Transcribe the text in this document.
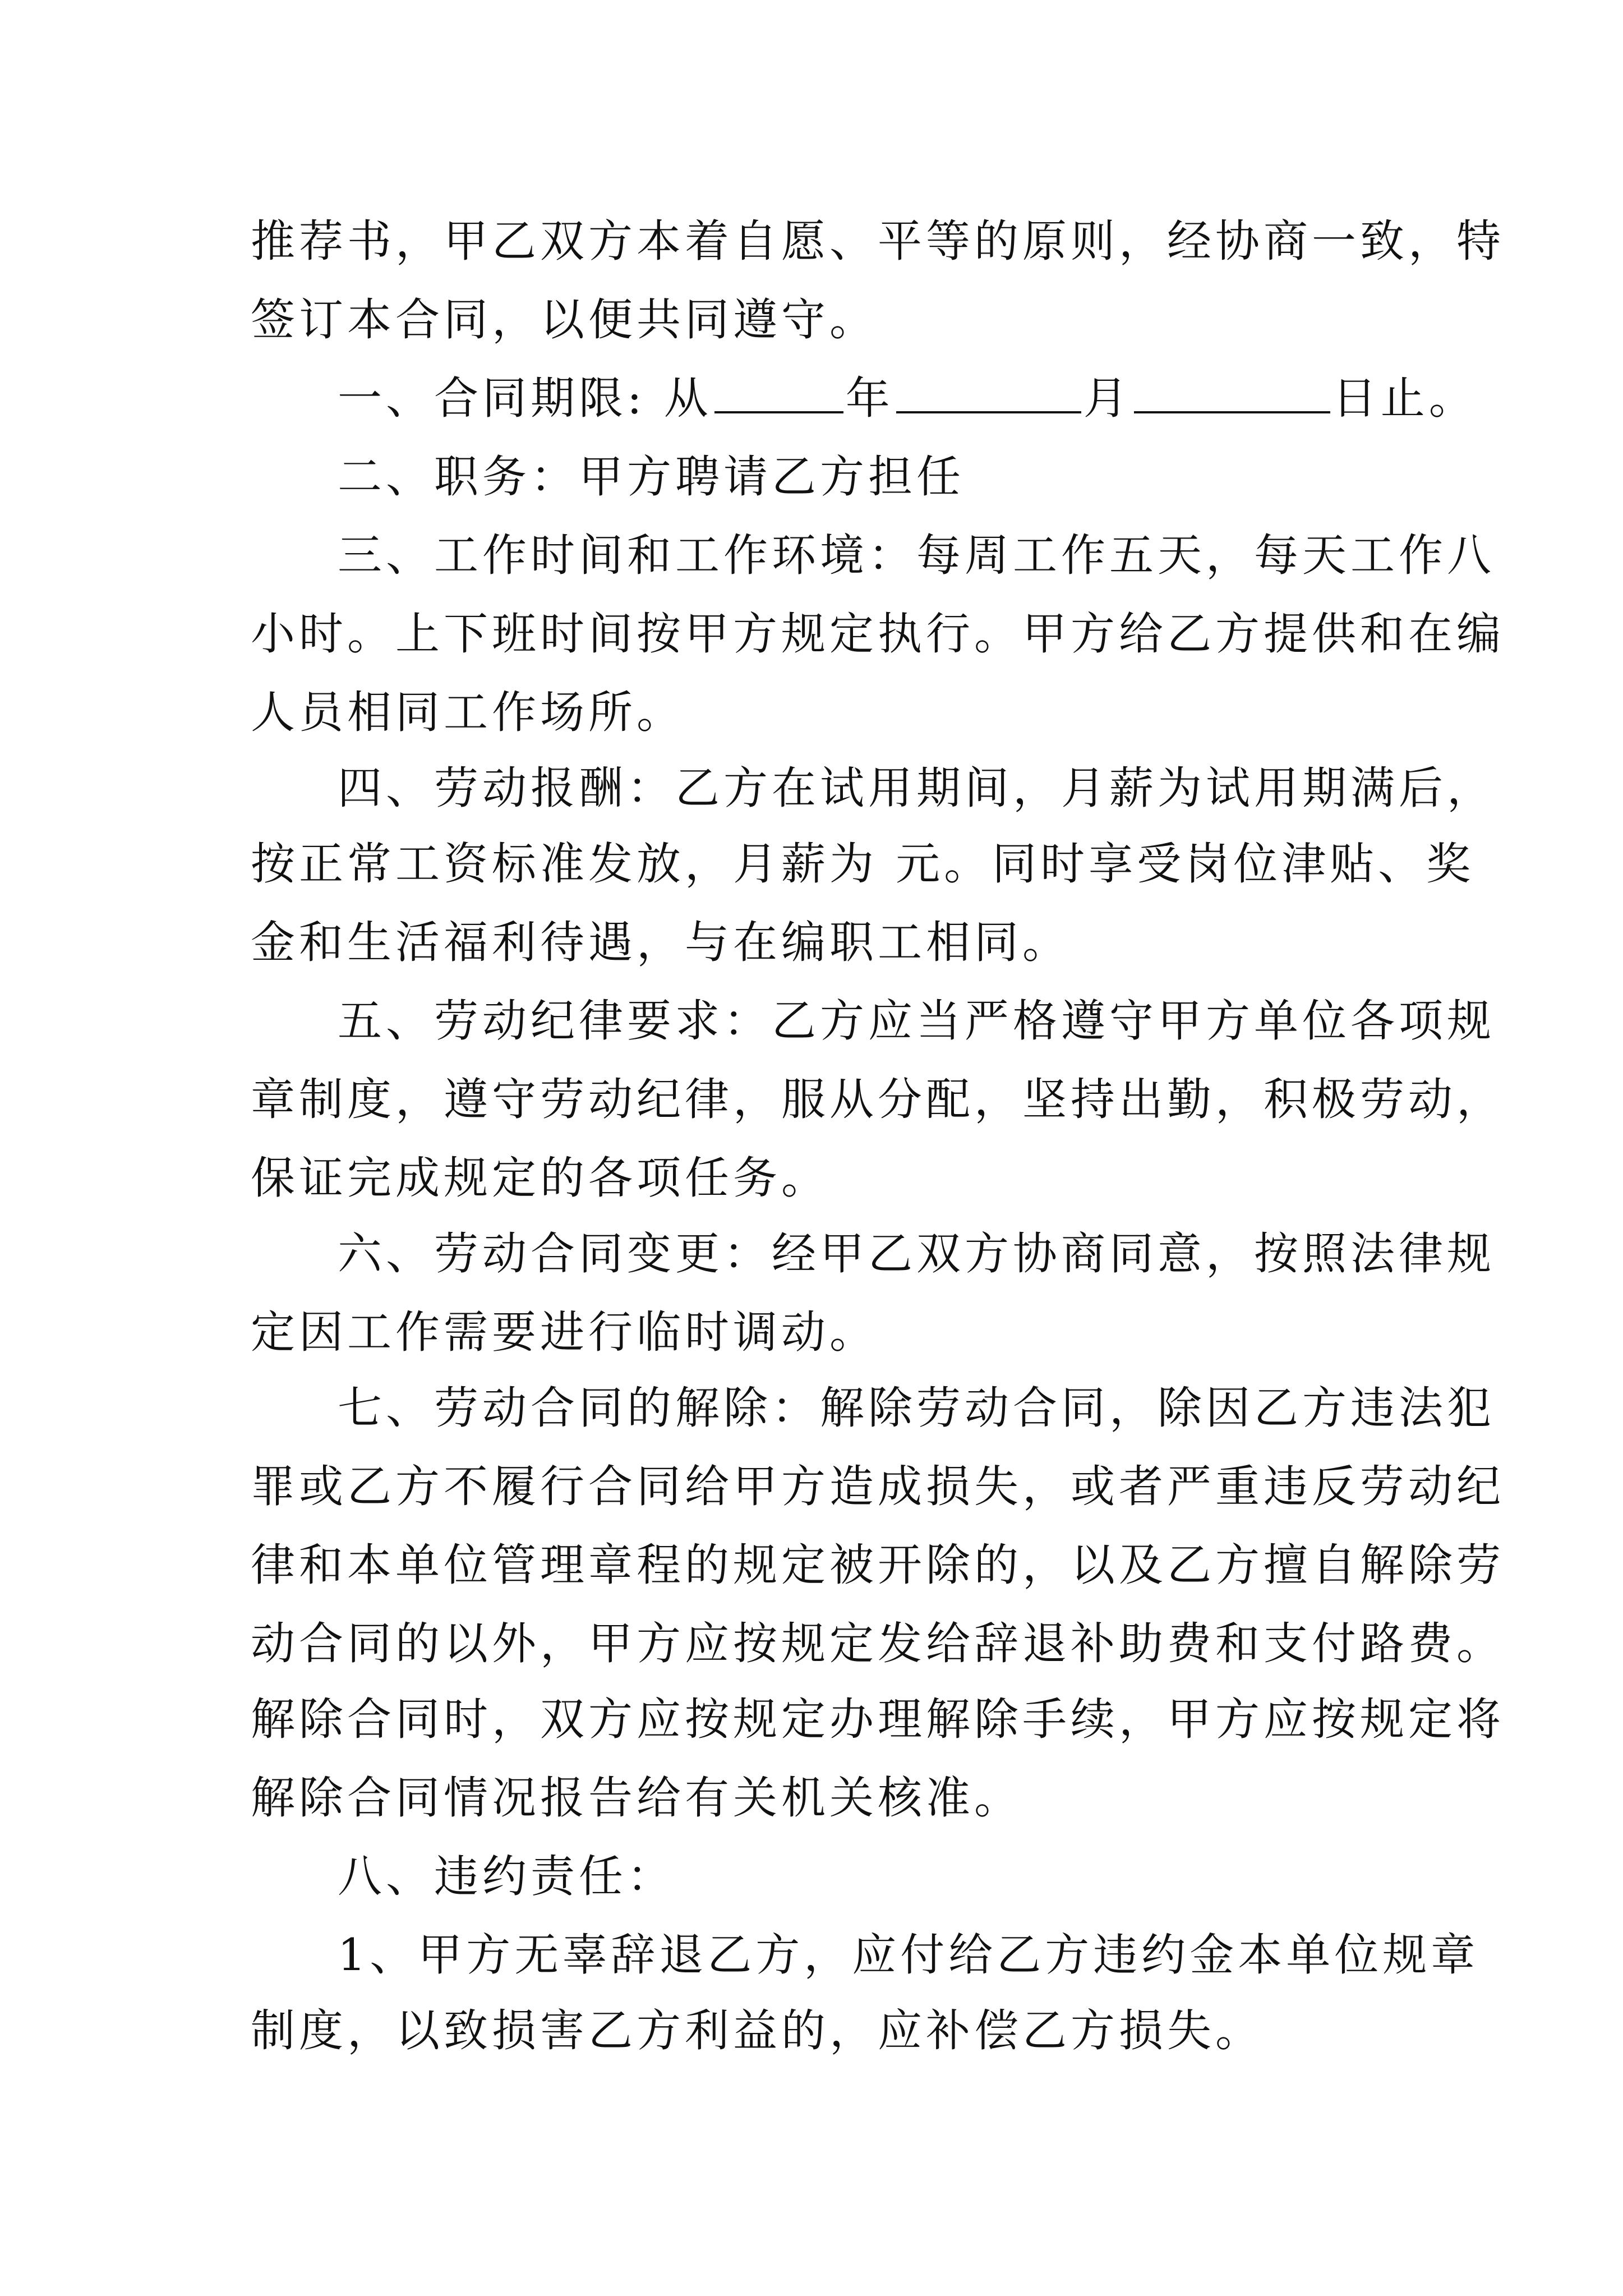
推荐书，甲乙双方本着自愿、平等的原则，经协商一致，特
签订本合同，以便共同遵守。
一、合同期限: 从	年	月	日止。
二、职务：甲方聘请乙方担任
三、工作时间和工作环境：每周工作五天，每天工作八
小时。上下班时间按甲方规定执行。甲方给乙方提供和在编
人员相同工作场所。
四、劳动报酬：乙方在试用期间，月薪为试用期满后，
按正常工资标准发放，月薪为 元。同时享受岗位津贴、奖
金和生活福利待遇，与在编职工相同。
五、劳动纪律要求：乙方应当严格遵守甲方单位各项规
章制度，遵守劳动纪律，服从分配，坚持出勤，积极劳动，
保证完成规定的各项任务。
六、劳动合同变更：经甲乙双方协商同意，按照法律规
定因工作需要进行临时调动。
七、劳动合同的解除：解除劳动合同，除因乙方违法犯
罪或乙方不履行合同给甲方造成损失，或者严重违反劳动纪
律和本单位管理章程的规定被开除的，以及乙方擅自解除劳
动合同的以外，甲方应按规定发给辞退补助费和支付路费。
解除合同时，双方应按规定办理解除手续，甲方应按规定将
解除合同情况报告给有关机关核准。
八、违约责任：
1、甲方无辜辞退乙方，应付给乙方违约金本单位规章
制度，以致损害乙方利益的，应补偿乙方损失。
